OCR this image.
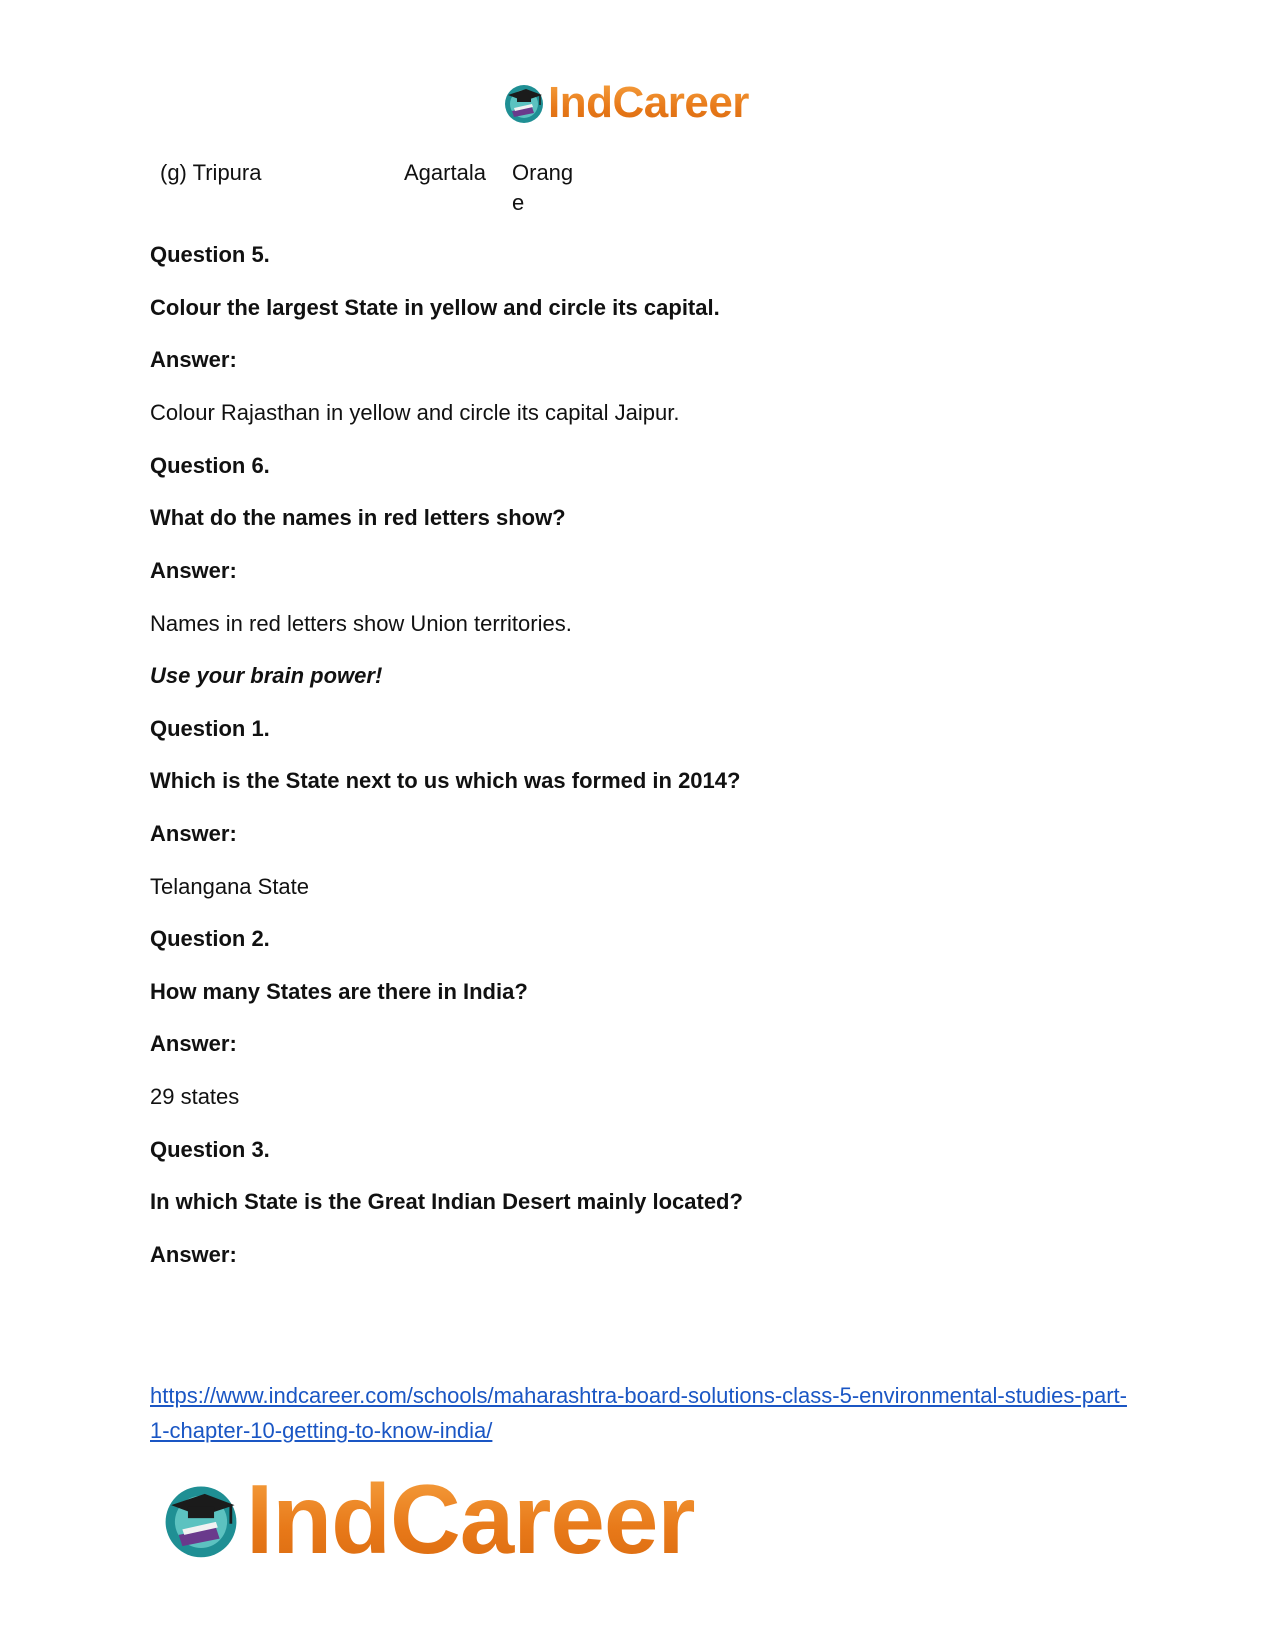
IndCareer
(g) Tripura	Agartala Orange
Question 5.
Colour the largest State in yellow and circle its capital.
Answer:
Colour Rajasthan in yellow and circle its capital Jaipur.
Question 6.
What do the names in red letters show?
Answer:
Names in red letters show Union territories.
Use your brain power!
Question 1.
Which is the State next to us which was formed in 2014?
Answer:
Telangana State
Question 2.
How many States are there in India?
Answer:
29 states
Question 3.
In which State is the Great Indian Desert mainly located?
Answer:
https://www.indcareer.com/schools/maharashtra-board-solutions-class-5-environmental-studies-part-1-chapter-10-getting-to-know-india/
IndCareer
